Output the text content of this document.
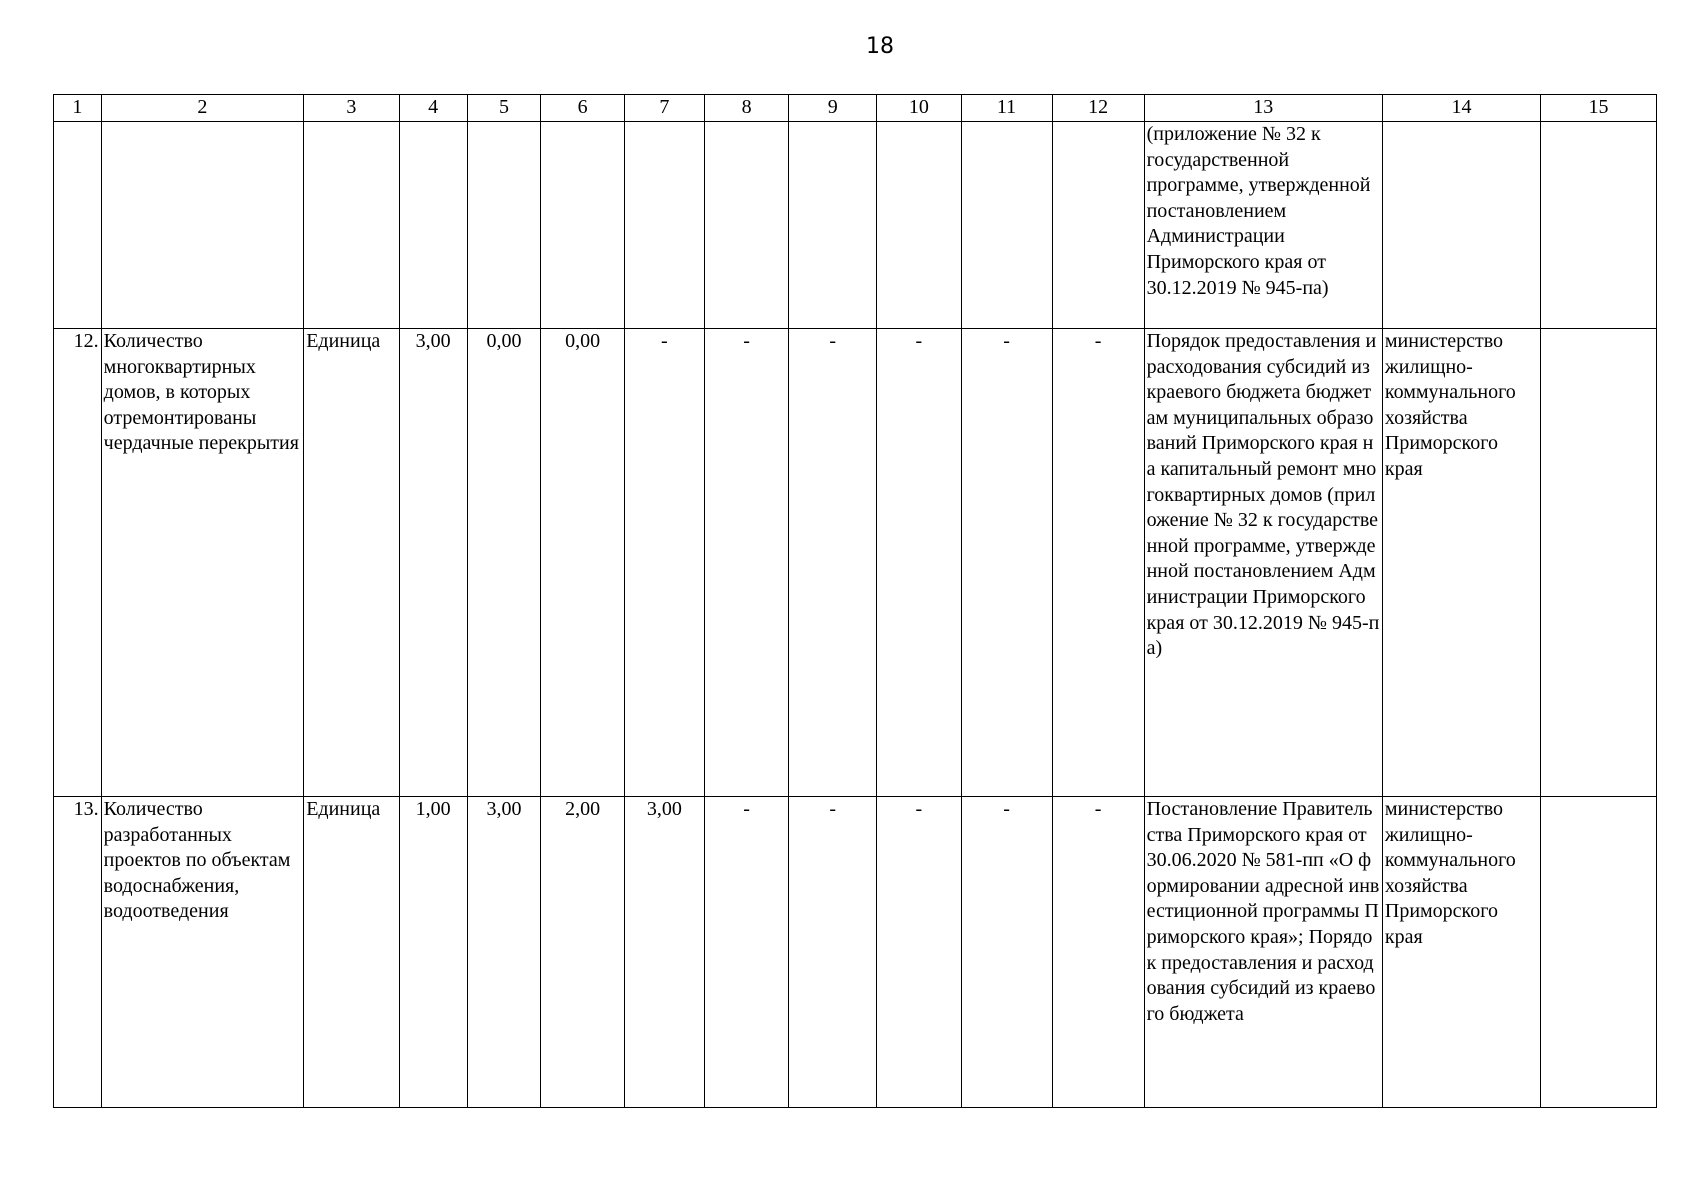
18
1	2	3	4	5	6	7	8	9	10	11	12	13	14	15
												(приложение № 32 к государственной программе, утвержденной постановлением Администрации Приморского края от 30.12.2019 № 945-па)		
12.	Количество многоквартирных домов, в которых отремонтированы чердачные перекрытия	Единица	3,00	0,00	0,00	-	-	-	-	-	-	Порядок предоставления и расходования субсидий из краевого бюджета бюджетам муниципальных образований Приморского края на капитальный ремонт многоквартирных домов (приложение № 32 к государственной программе, утвержденной постановлением Администрации Приморского края от 30.12.2019 № 945-па)	министерство жилищно-коммунального хозяйства Приморского края	
13.	Количество разработанных проектов по объектам водоснабжения, водоотведения	Единица	1,00	3,00	2,00	3,00	-	-	-	-	-	Постановление Правительства Приморского края от 30.06.2020 № 581-пп «О формировании адресной инвестиционной программы Приморского края»; Порядок предоставления и расходования субсидий из краевого бюджета	министерство жилищно-коммунального хозяйства Приморского края	
